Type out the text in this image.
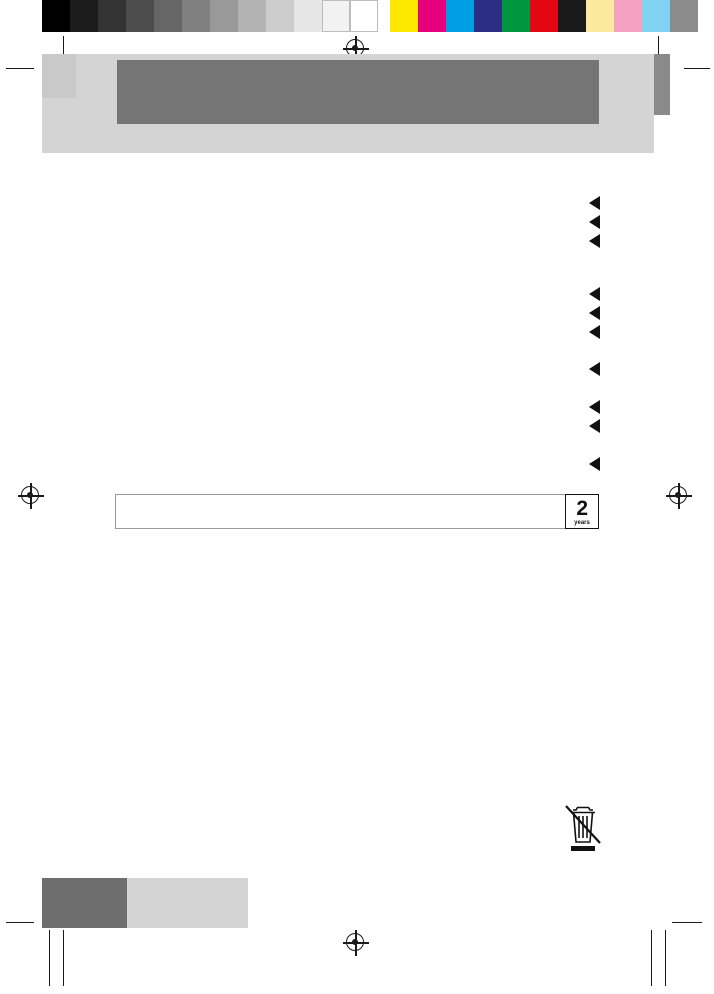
2
years
